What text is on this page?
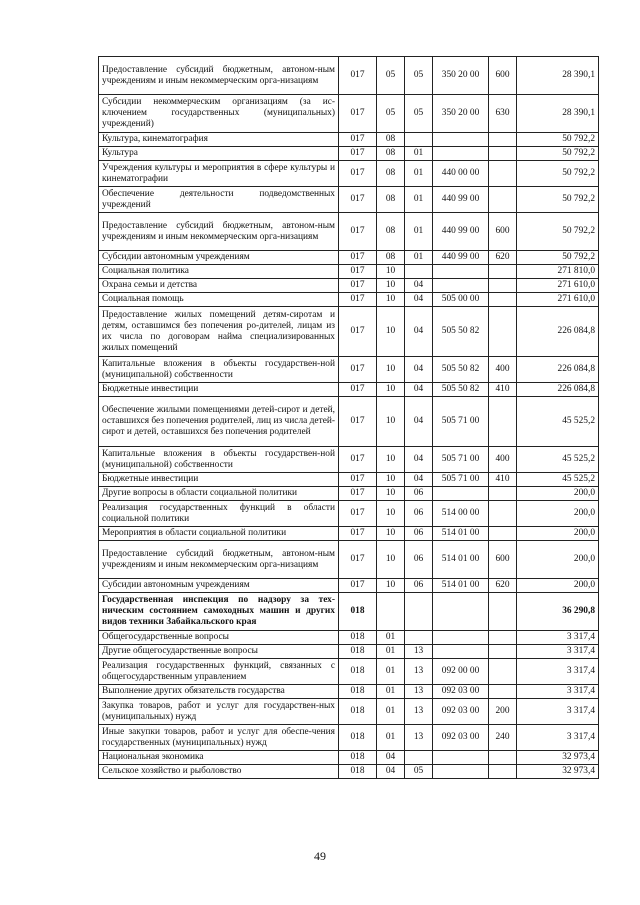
Предоставление субсидий бюджетным, автоном-ным учреждениям и иным некоммерческим орга-низациям	017	05	05	350 20 00	600	28 390,1
Субсидии некоммерческим организациям (за ис-ключением государственных (муниципальных) учреждений)	017	05	05	350 20 00	630	28 390,1
Культура, кинематография	017	08				50 792,2
Культура	017	08	01			50 792,2
Учреждения культуры и мероприятия в сфере культуры и кинематографии	017	08	01	440 00 00		50 792,2
Обеспечение деятельности подведомственных учреждений	017	08	01	440 99 00		50 792,2
Предоставление субсидий бюджетным, автоном-ным учреждениям и иным некоммерческим орга-низациям	017	08	01	440 99 00	600	50 792,2
Субсидии автономным учреждениям	017	08	01	440 99 00	620	50 792,2
Социальная политика	017	10				271 810,0
Охрана семьи и детства	017	10	04			271 610,0
Социальная помощь	017	10	04	505 00 00		271 610,0
Предоставление жилых помещений детям-сиротам и детям, оставшимся без попечения ро-дителей, лицам из их числа по договорам найма специализированных жилых помещений	017	10	04	505 50 82		226 084,8
Капитальные вложения в объекты государствен-ной (муниципальной) собственности	017	10	04	505 50 82	400	226 084,8
Бюджетные инвестиции	017	10	04	505 50 82	410	226 084,8
Обеспечение жилыми помещениями детей-сирот и детей, оставшихся без попечения родителей, лиц из числа детей-сирот и детей, оставшихся без попечения родителей	017	10	04	505 71 00		45 525,2
Капитальные вложения в объекты государствен-ной (муниципальной) собственности	017	10	04	505 71 00	400	45 525,2
Бюджетные инвестиции	017	10	04	505 71 00	410	45 525,2
Другие вопросы в области социальной политики	017	10	06			200,0
Реализация государственных функций в области социальной политики	017	10	06	514 00 00		200,0
Мероприятия в области социальной политики	017	10	06	514 01 00		200,0
Предоставление субсидий бюджетным, автоном-ным учреждениям и иным некоммерческим орга-низациям	017	10	06	514 01 00	600	200,0
Субсидии автономным учреждениям	017	10	06	514 01 00	620	200,0
Государственная инспекция по надзору за тех-ническим состоянием самоходных машин и других видов техники Забайкальского края	018					36 290,8
Общегосударственные вопросы	018	01				3 317,4
Другие общегосударственные вопросы	018	01	13			3 317,4
Реализация государственных функций, связанных с общегосударственным управлением	018	01	13	092 00 00		3 317,4
Выполнение других обязательств государства	018	01	13	092 03 00		3 317,4
Закупка товаров, работ и услуг для государствен-ных (муниципальных) нужд	018	01	13	092 03 00	200	3 317,4
Иные закупки товаров, работ и услуг для обеспе-чения государственных (муниципальных) нужд	018	01	13	092 03 00	240	3 317,4
Национальная экономика	018	04				32 973,4
Сельское хозяйство и рыболовство	018	04	05			32 973,4
49
